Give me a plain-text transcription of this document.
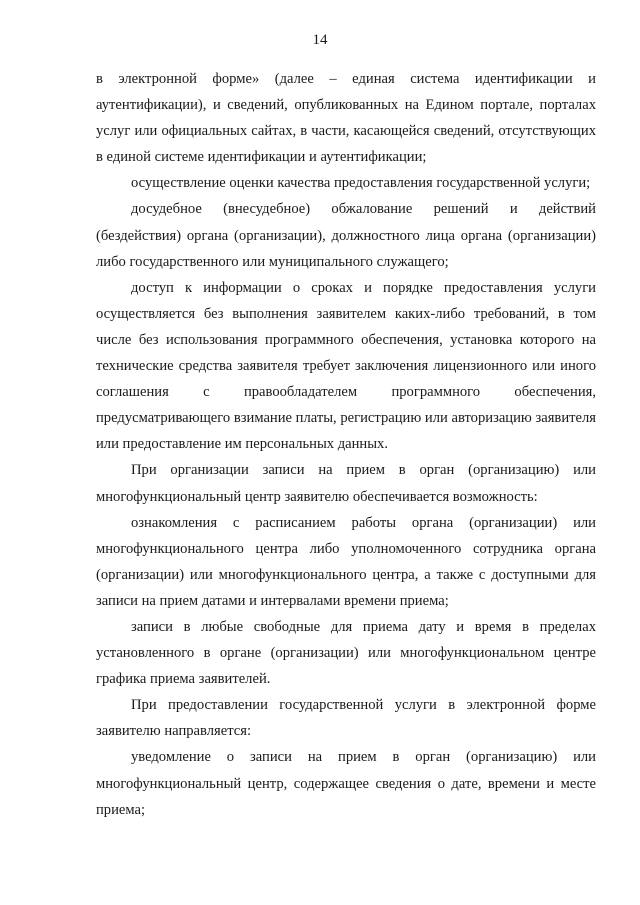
14

в электронной форме» (далее – единая система идентификации и аутентификации), и сведений, опубликованных на Едином портале, порталах услуг или официальных сайтах, в части, касающейся сведений, отсутствующих в единой системе идентификации и аутентификации;

осуществление оценки качества предоставления государственной услуги;

досудебное (внесудебное) обжалование решений и действий (бездействия) органа (организации), должностного лица органа (организации) либо государственного или муниципального служащего;

доступ к информации о сроках и порядке предоставления услуги осуществляется без выполнения заявителем каких-либо требований, в том числе без использования программного обеспечения, установка которого на технические средства заявителя требует заключения лицензионного или иного соглашения с правообладателем программного обеспечения, предусматривающего взимание платы, регистрацию или авторизацию заявителя или предоставление им персональных данных.

При организации записи на прием в орган (организацию) или многофункциональный центр заявителю обеспечивается возможность:

ознакомления с расписанием работы органа (организации) или многофункционального центра либо уполномоченного сотрудника органа (организации) или многофункционального центра, а также с доступными для записи на прием датами и интервалами времени приема;

записи в любые свободные для приема дату и время в пределах установленного в органе (организации) или многофункциональном центре графика приема заявителей.

При предоставлении государственной услуги в электронной форме заявителю направляется:

уведомление о записи на прием в орган (организацию) или многофункциональный центр, содержащее сведения о дате, времени и месте приема;
